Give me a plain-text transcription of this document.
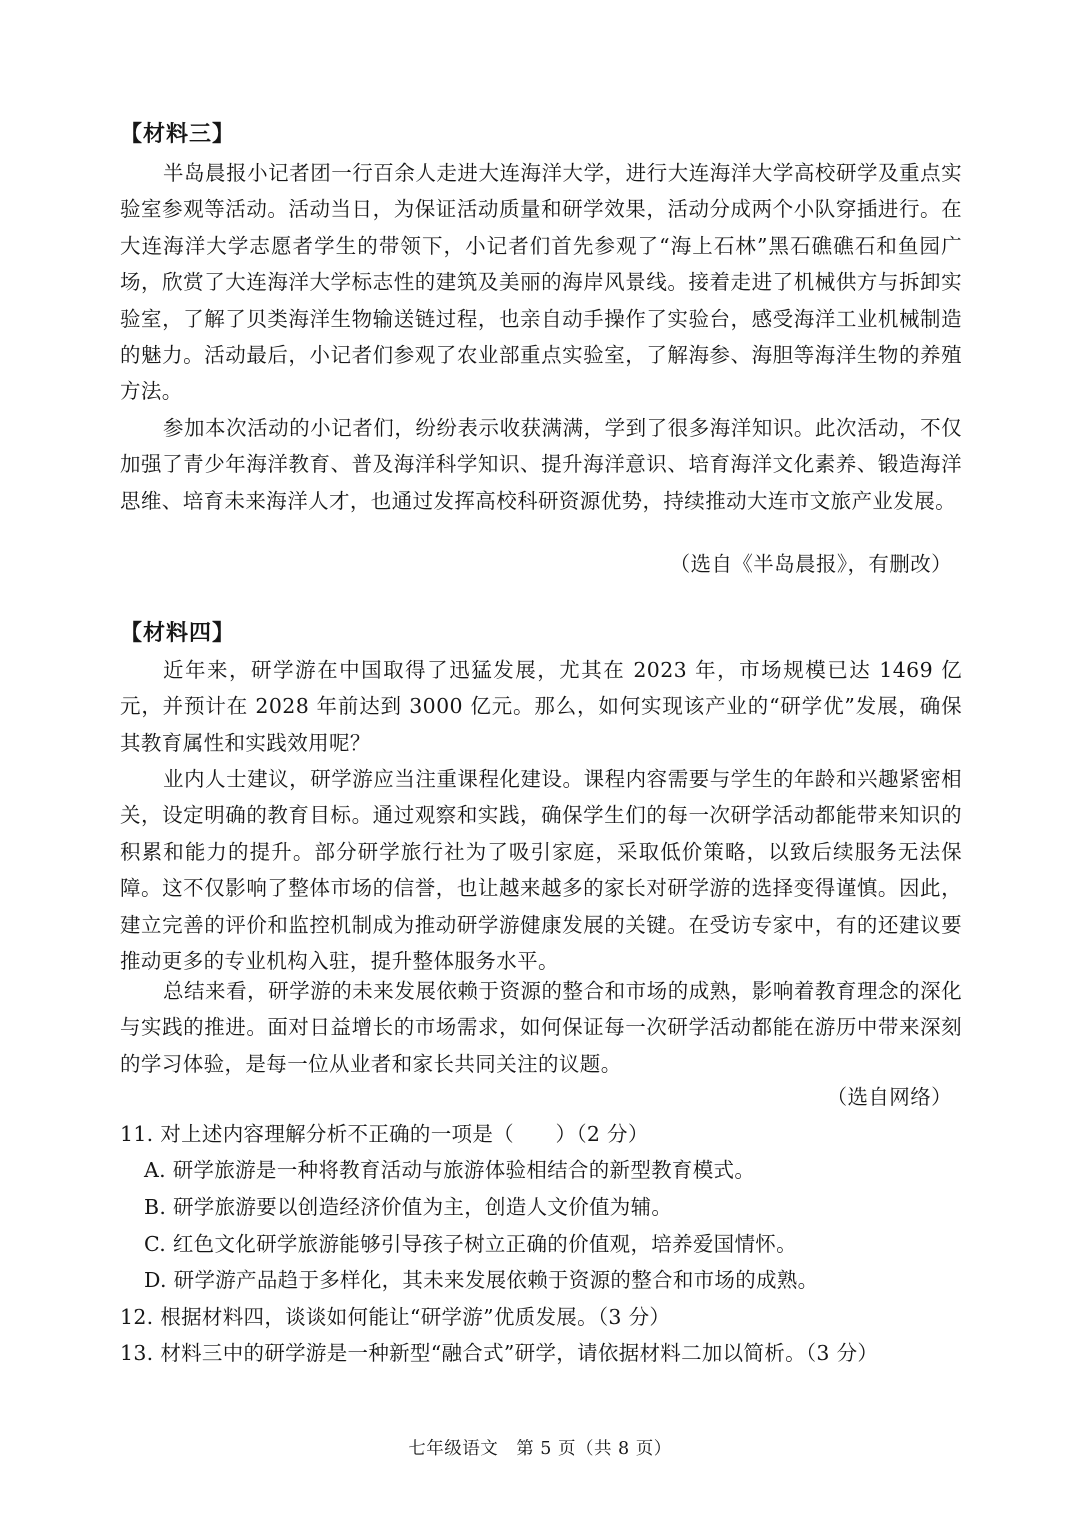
【材料三】

半岛晨报小记者团一行百余人走进大连海洋大学，进行大连海洋大学高校研学及重点实验室参观等活动。活动当日，为保证活动质量和研学效果，活动分成两个小队穿插进行。在大连海洋大学志愿者学生的带领下，小记者们首先参观了“海上石林”黑石礁礁石和鱼园广场，欣赏了大连海洋大学标志性的建筑及美丽的海岸风景线。接着走进了机械供方与拆卸实验室，了解了贝类海洋生物输送链过程，也亲自动手操作了实验台，感受海洋工业机械制造的魅力。活动最后，小记者们参观了农业部重点实验室，了解海参、海胆等海洋生物的养殖方法。

参加本次活动的小记者们，纷纷表示收获满满，学到了很多海洋知识。此次活动，不仅加强了青少年海洋教育、普及海洋科学知识、提升海洋意识、培育海洋文化素养、锻造海洋思维、培育未来海洋人才，也通过发挥高校科研资源优势，持续推动大连市文旅产业发展。

（选自《半岛晨报》，有删改）
【材料四】

近年来，研学游在中国取得了迅猛发展，尤其在 2023 年，市场规模已达 1469 亿元，并预计在 2028 年前达到 3000 亿元。那么，如何实现该产业的“研学优”发展，确保其教育属性和实践效用呢？

业内人士建议，研学游应当注重课程化建设。课程内容需要与学生的年龄和兴趣紧密相关，设定明确的教育目标。通过观察和实践，确保学生们的每一次研学活动都能带来知识的积累和能力的提升。部分研学旅行社为了吸引家庭，采取低价策略，以致后续服务无法保障。这不仅影响了整体市场的信誉，也让越来越多的家长对研学游的选择变得谨慎。因此，建立完善的评价和监控机制成为推动研学游健康发展的关键。在受访专家中，有的还建议要推动更多的专业机构入驻，提升整体服务水平。

总结来看，研学游的未来发展依赖于资源的整合和市场的成熟，影响着教育理念的深化与实践的推进。面对日益增长的市场需求，如何保证每一次研学活动都能在游历中带来深刻的学习体验，是每一位从业者和家长共同关注的议题。

（选自网络）
11. 对上述内容理解分析不正确的一项是（　　）（2 分）
A. 研学旅游是一种将教育活动与旅游体验相结合的新型教育模式。
B. 研学旅游要以创造经济价值为主，创造人文价值为辅。
C. 红色文化研学旅游能够引导孩子树立正确的价值观，培养爱国情怀。
D. 研学游产品趋于多样化，其未来发展依赖于资源的整合和市场的成熟。
12. 根据材料四，谈谈如何能让“研学游”优质发展。（3 分）
13. 材料三中的研学游是一种新型“融合式”研学，请依据材料二加以简析。（3 分）
七年级语文　第 5 页（共 8 页）
